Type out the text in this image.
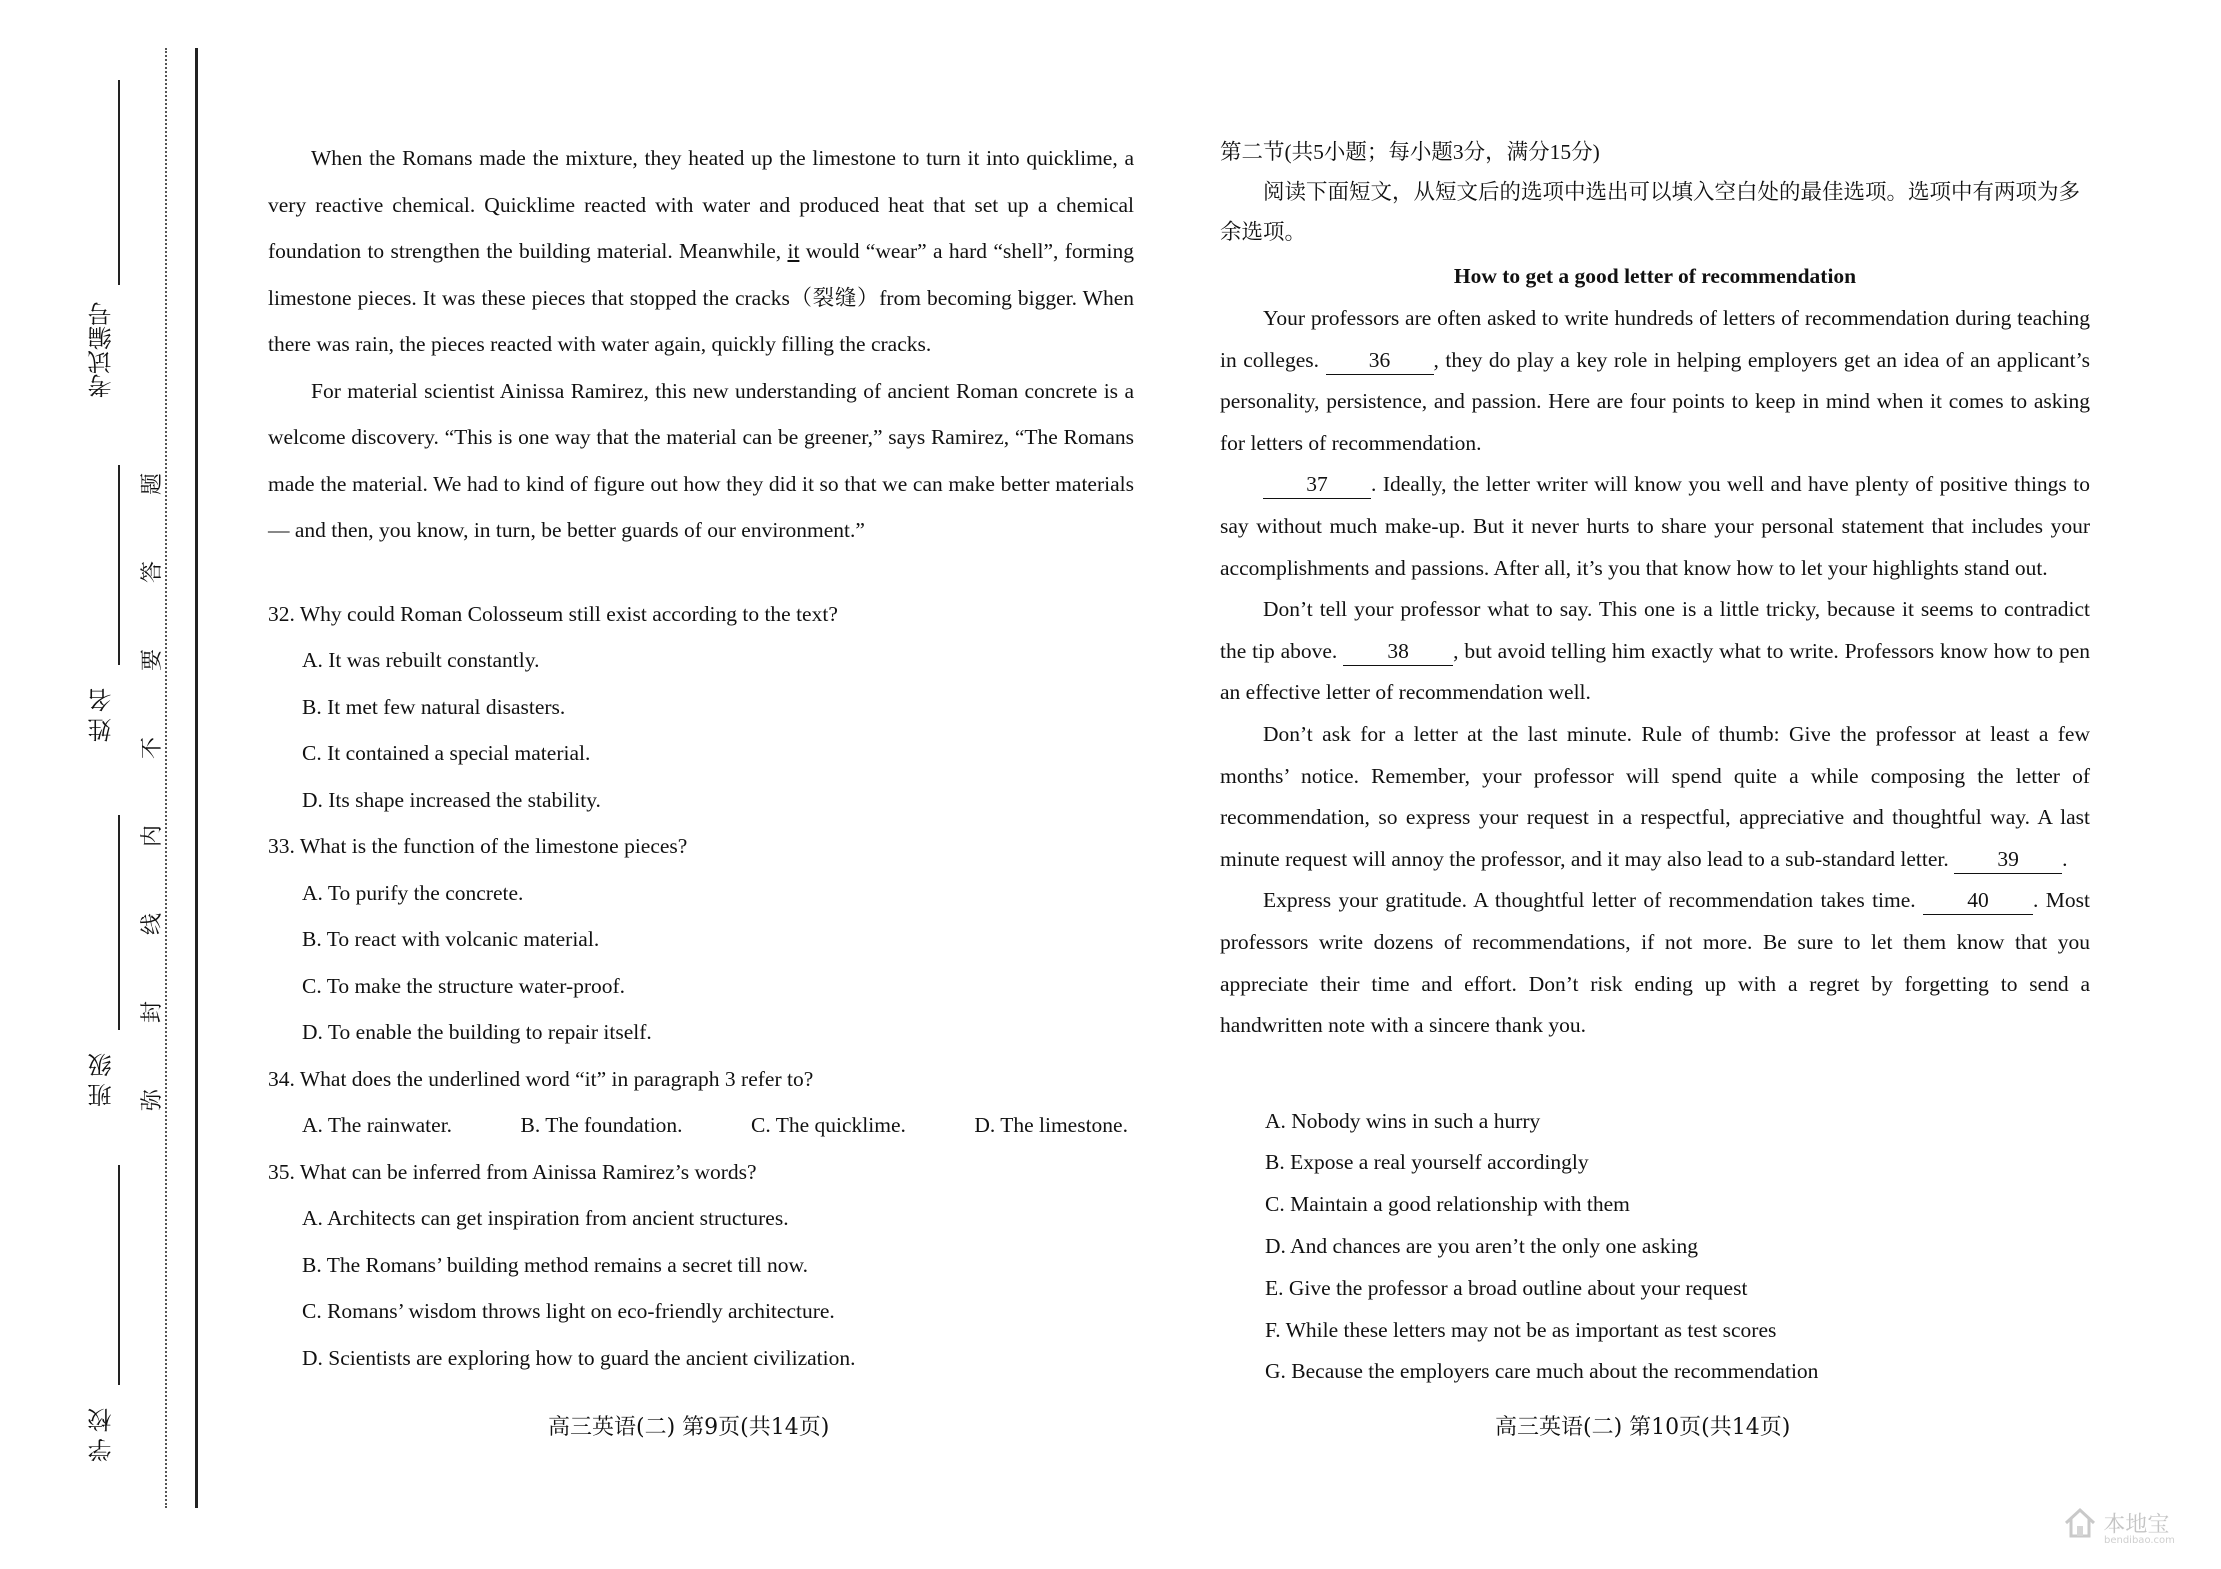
考试编号
姓 名
班 级
学 校
题
答
要
不
内
线
封
弥

When the Romans made the mixture, they heated up the limestone to turn it into quicklime, a very reactive chemical. Quicklime reacted with water and produced heat that set up a chemical foundation to strengthen the building material. Meanwhile, it would “wear” a hard “shell”, forming limestone pieces. It was these pieces that stopped the cracks（裂缝）from becoming bigger. When there was rain, the pieces reacted with water again, quickly filling the cracks.

For material scientist Ainissa Ramirez, this new understanding of ancient Roman concrete is a welcome discovery. “This is one way that the material can be greener,” says Ramirez, “The Romans made the material. We had to kind of figure out how they did it so that we can make better materials — and then, you know, in turn, be better guards of our environment.”

32. Why could Roman Colosseum still exist according to the text?

A. It was rebuilt constantly.

B. It met few natural disasters.

C. It contained a special material.

D. Its shape increased the stability.

33. What is the function of the limestone pieces?

A. To purify the concrete.

B. To react with volcanic material.

C. To make the structure water-proof.

D. To enable the building to repair itself.

34. What does the underlined word “it” in paragraph 3 refer to?

A. The rainwater.	B. The foundation.	C. The quicklime.	D. The limestone.

35. What can be inferred from Ainissa Ramirez’s words?

A. Architects can get inspiration from ancient structures.

B. The Romans’ building method remains a secret till now.

C. Romans’ wisdom throws light on eco-friendly architecture.

D. Scientists are exploring how to guard the ancient civilization.

高三英语(二) 第9页(共14页)

第二节(共5小题；每小题3分，满分15分)

阅读下面短文，从短文后的选项中选出可以填入空白处的最佳选项。选项中有两项为多余选项。

How to get a good letter of recommendation

Your professors are often asked to write hundreds of letters of recommendation during teaching in colleges. 36 , they do play a key role in helping employers get an idea of an applicant’s personality, persistence, and passion. Here are four points to keep in mind when it comes to asking for letters of recommendation.

37 . Ideally, the letter writer will know you well and have plenty of positive things to say without much make-up. But it never hurts to share your personal statement that includes your accomplishments and passions. After all, it’s you that know how to let your highlights stand out.

Don’t tell your professor what to say. This one is a little tricky, because it seems to contradict the tip above. 38 , but avoid telling him exactly what to write. Professors know how to pen an effective letter of recommendation well.

Don’t ask for a letter at the last minute. Rule of thumb: Give the professor at least a few months’ notice. Remember, your professor will spend quite a while composing the letter of recommendation, so express your request in a respectful, appreciative and thoughtful way. A last minute request will annoy the professor, and it may also lead to a sub-standard letter. 39 .

Express your gratitude. A thoughtful letter of recommendation takes time. 40 . Most professors write dozens of recommendations, if not more. Be sure to let them know that you appreciate their time and effort. Don’t risk ending up with a regret by forgetting to send a handwritten note with a sincere thank you.

A. Nobody wins in such a hurry

B. Expose a real yourself accordingly

C. Maintain a good relationship with them

D. And chances are you aren’t the only one asking

E. Give the professor a broad outline about your request

F. While these letters may not be as important as test scores

G. Because the employers care much about the recommendation

高三英语(二) 第10页(共14页)
本地宝
bendibao.com
